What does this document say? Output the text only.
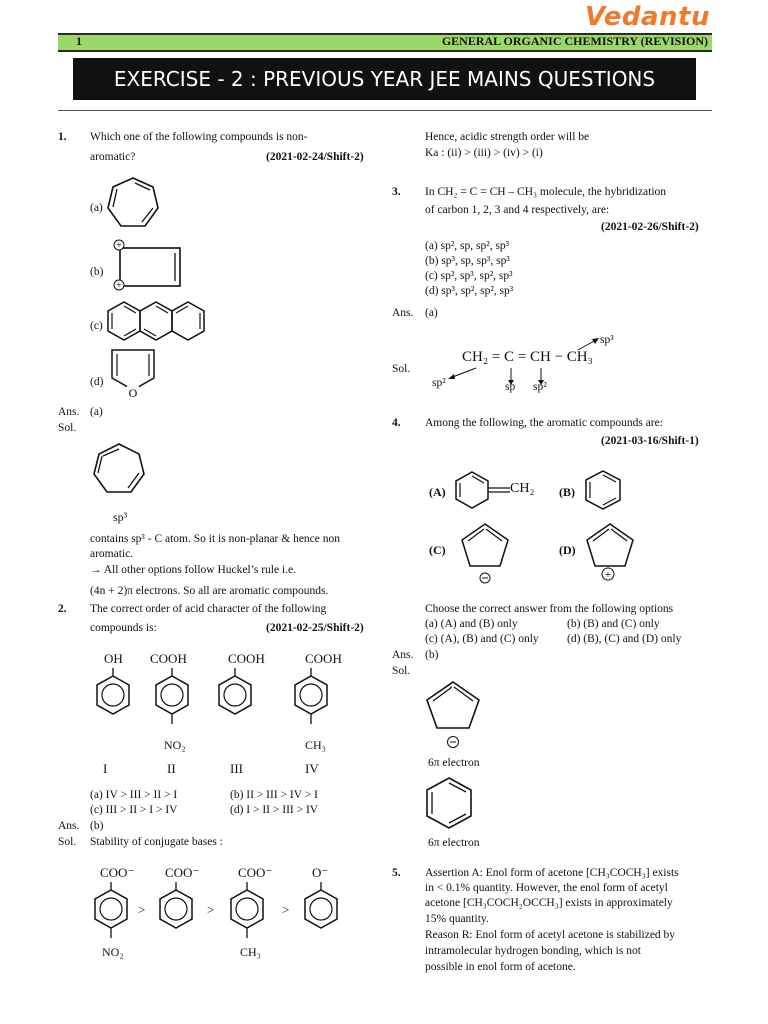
Vedantu
1	GENERAL ORGANIC CHEMISTRY (REVISION)
EXERCISE - 2 : PREVIOUS YEAR JEE MAINS QUESTIONS
1. Which one of the following compounds is non-
aromatic?	(2021-02-24/Shift-2)
(a)
(b)
+
+
(c)
(d)
O
Ans. (a)
Sol.
sp³
contains sp³ - C atom. So it is non-planar & hence non
aromatic.
→ All other options follow Huckel’s rule i.e.
(4n + 2)π electrons. So all are aromatic compounds.
2. The correct order of acid character of the following
compounds is:	(2021-02-25/Shift-2)
OH COOH	COOH	COOH
NO₂	CH₃
I	II	III	IV
(a) IV > III > II > I	(b) II > III > IV > I
(c) III > II > I > IV	(d) I > II > III > IV
Ans. (b)
Sol. Stability of conjugate bases :
COO⁻ COO⁻	COO⁻	O⁻
>	>	>
NO₂	CH₃
Hence, acidic strength order will be
Ka : (ii) > (iii) > (iv) > (i)
3. In CH₂ = C = CH – CH₃ molecule, the hybridization
of carbon 1, 2, 3 and 4 respectively, are:
(2021-02-26/Shift-2)
(a) sp², sp, sp², sp³
(b) sp³, sp, sp³, sp³
(c) sp², sp³, sp², sp³
(d) sp³, sp², sp², sp³
Ans. (a)
Sol.
CH₂ = C = CH − CH₃
sp²	sp sp²
sp³
4. Among the following, the aromatic compounds are:
(2021-03-16/Shift-1)
(A)	CH₂ (B)
(C)	(D)
+
Choose the correct answer from the following options
(a) (A) and (B) only	(b) (B) and (C) only
(c) (A), (B) and (C) only (d) (B), (C) and (D) only
Ans. (b)
Sol.
6π electron
6π electron
5. Assertion A: Enol form of acetone [CH₃COCH₃] exists
in < 0.1% quantity. However, the enol form of acetyl
acetone [CH₃COCH₂OCCH₃] exists in approximately
15% quantity.
Reason R: Enol form of acetyl acetone is stabilized by
intramolecular hydrogen bonding, which is not
possible in enol form of acetone.
